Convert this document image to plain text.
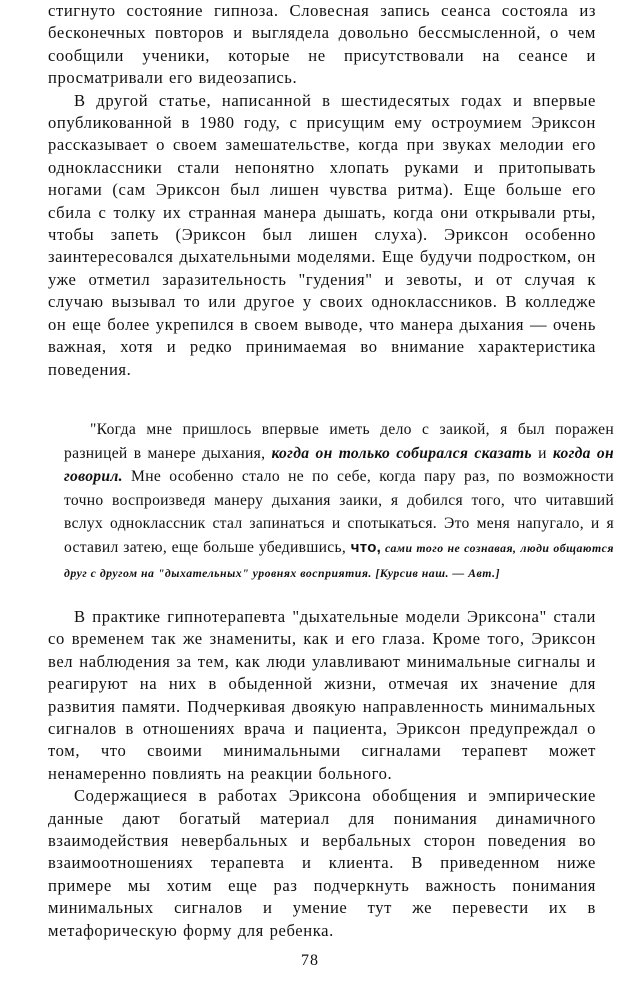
стигнуто состояние гипноза. Словесная запись сеанса состояла из бесконечных повторов и выглядела довольно бессмысленной, о чем сообщили ученики, которые не присутствовали на сеансе и просматривали его видеозапись.

В другой статье, написанной в шестидесятых годах и впервые опубликованной в 1980 году, с присущим ему остроумием Эриксон рассказывает о своем замешательстве, когда при звуках мелодии его одноклассники стали непонятно хлопать руками и притопывать ногами (сам Эриксон был лишен чувства ритма). Еще больше его сбила с толку их странная манера дышать, когда они открывали рты, чтобы запеть (Эриксон был лишен слуха). Эриксон особенно заинтересовался дыхательными моделями. Еще будучи подростком, он уже отметил заразительность "гудения" и зевоты, и от случая к случаю вызывал то или другое у своих одноклассников. В колледже он еще более укрепился в своем выводе, что манера дыхания — очень важная, хотя и редко принимаемая во внимание характеристика поведения.

"Когда мне пришлось впервые иметь дело с заикой, я был поражен разницей в манере дыхания, когда он только собирался сказать и когда он говорил. Мне особенно стало не по себе, когда пару раз, по возможности точно воспроизведя манеру дыхания заики, я добился того, что читавший вслух одноклассник стал запинаться и спотыкаться. Это меня напугало, и я оставил затею, еще больше убедившись, что, сами того не сознавая, люди общаются друг с другом на "дыхательных" уровнях восприятия. [Курсив наш. — Авт.]

В практике гипнотерапевта "дыхательные модели Эриксона" стали со временем так же знамениты, как и его глаза. Кроме того, Эриксон вел наблюдения за тем, как люди улавливают минимальные сигналы и реагируют на них в обыденной жизни, отмечая их значение для развития памяти. Подчеркивая двоякую направленность минимальных сигналов в отношениях врача и пациента, Эриксон предупреждал о том, что своими минимальными сигналами терапевт может ненамеренно повлиять на реакции больного.

Содержащиеся в работах Эриксона обобщения и эмпирические данные дают богатый материал для понимания динамичного взаимодействия невербальных и вербальных сторон поведения во взаимоотношениях терапевта и клиента. В приведенном ниже примере мы хотим еще раз подчеркнуть важность понимания минимальных сигналов и умение тут же перевести их в метафорическую форму для ребенка.

78
